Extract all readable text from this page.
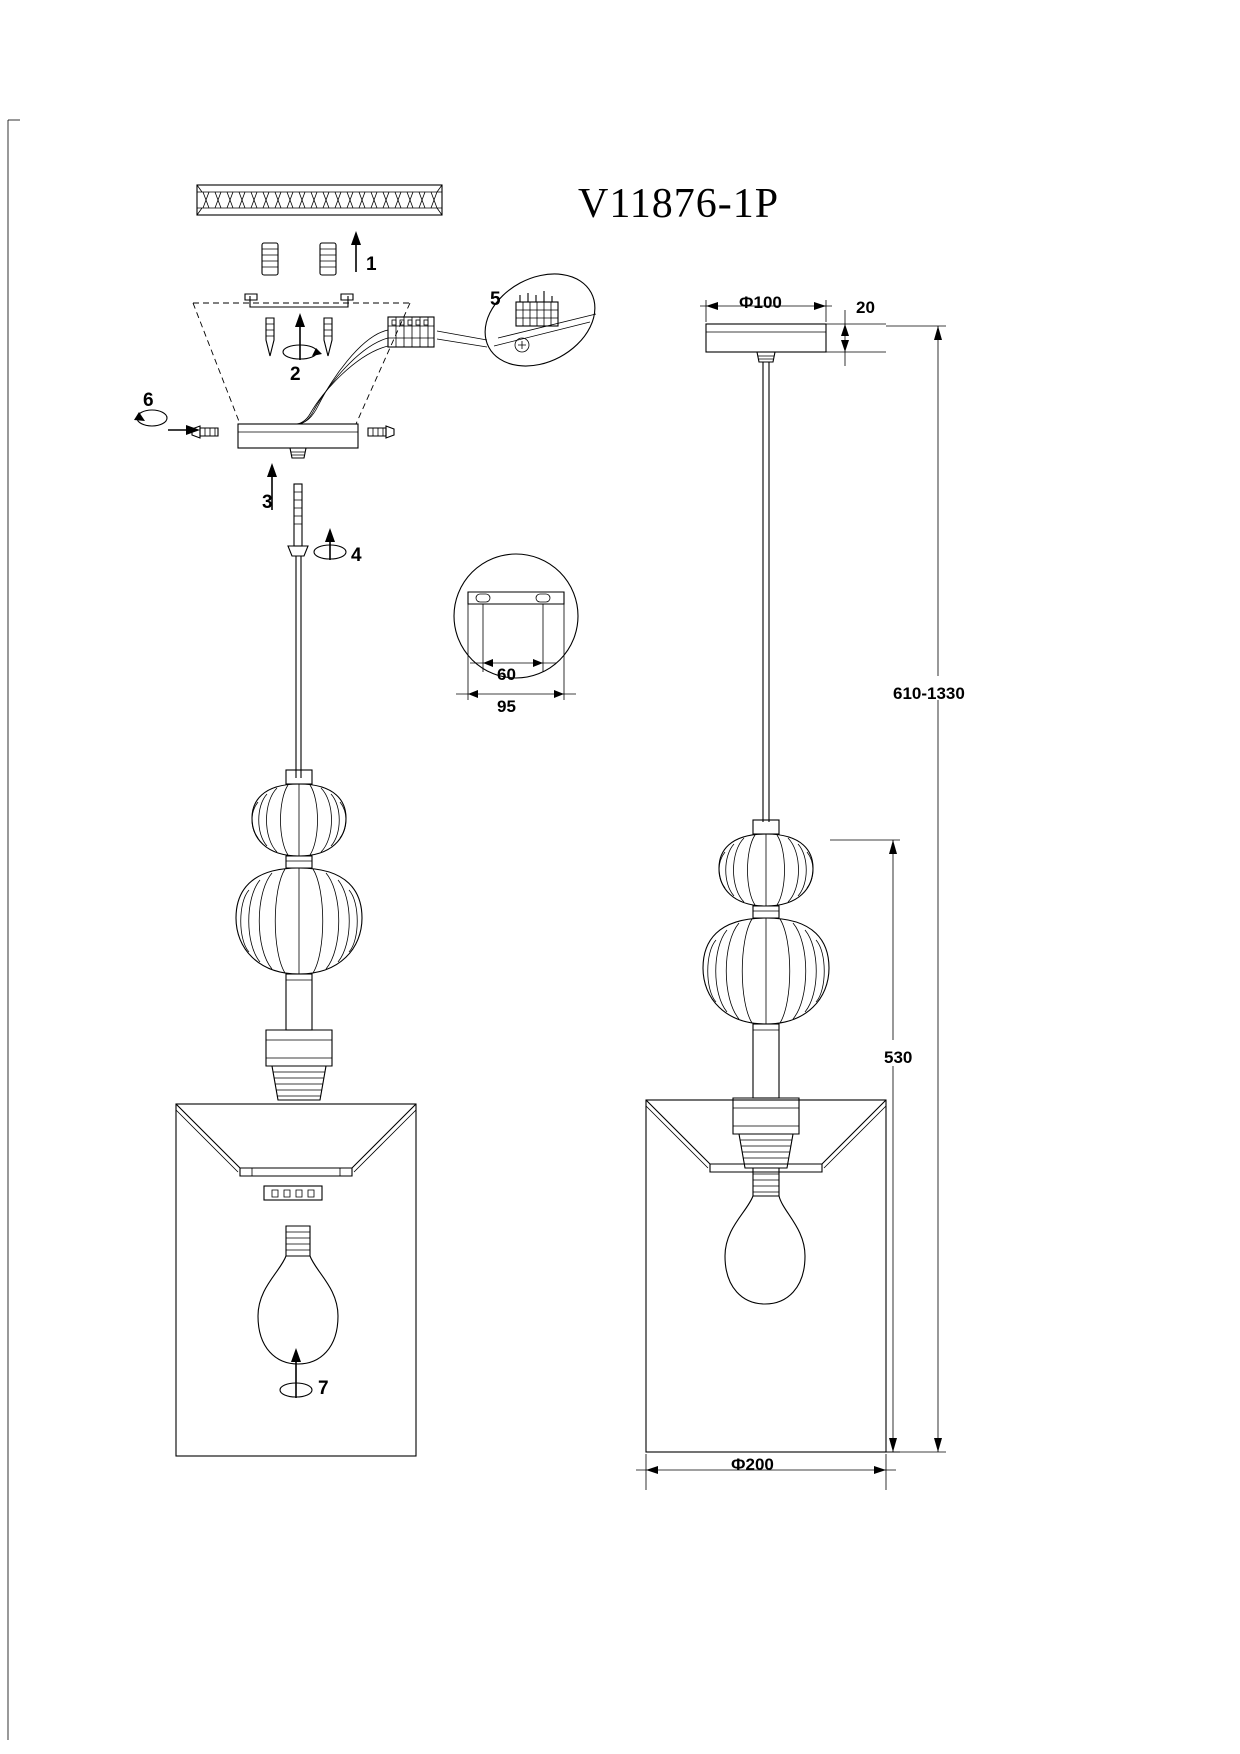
V11876-1P
Ф100	20
610-1330
530
Ф200
60
95
1
2
3
4
5
6
7
